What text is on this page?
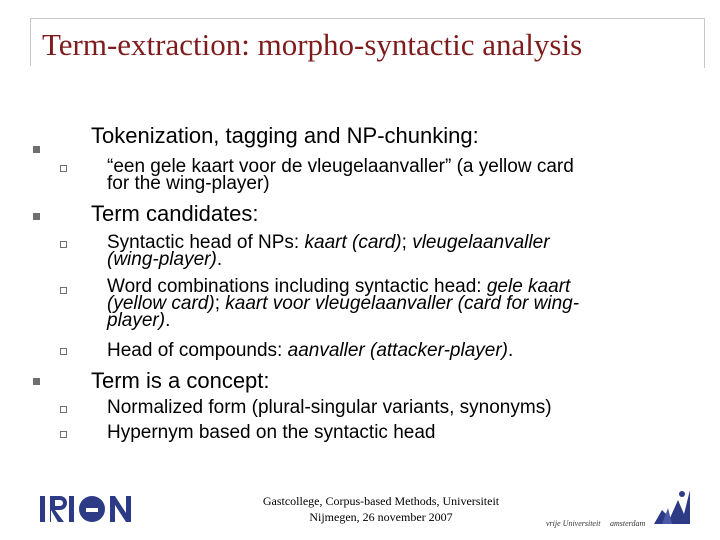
Term-extraction: morpho-syntactic analysis
Tokenization, tagging and NP-chunking:
“een gele kaart voor de vleugelaanvaller” (a yellow card
for the wing-player)
Term candidates:
Syntactic head of NPs: kaart (card); vleugelaanvaller
(wing-player).
Word combinations including syntactic head: gele kaart
(yellow card); kaart voor vleugelaanvaller (card for wing-
player).
Head of compounds: aanvaller (attacker-player).
Term is a concept:
Normalized form (plural-singular variants, synonyms)
Hypernym based on the syntactic head
Gastcollege, Corpus-based Methods, Universiteit
Nijmegen, 26 november 2007	vrije Universiteit amsterdam
